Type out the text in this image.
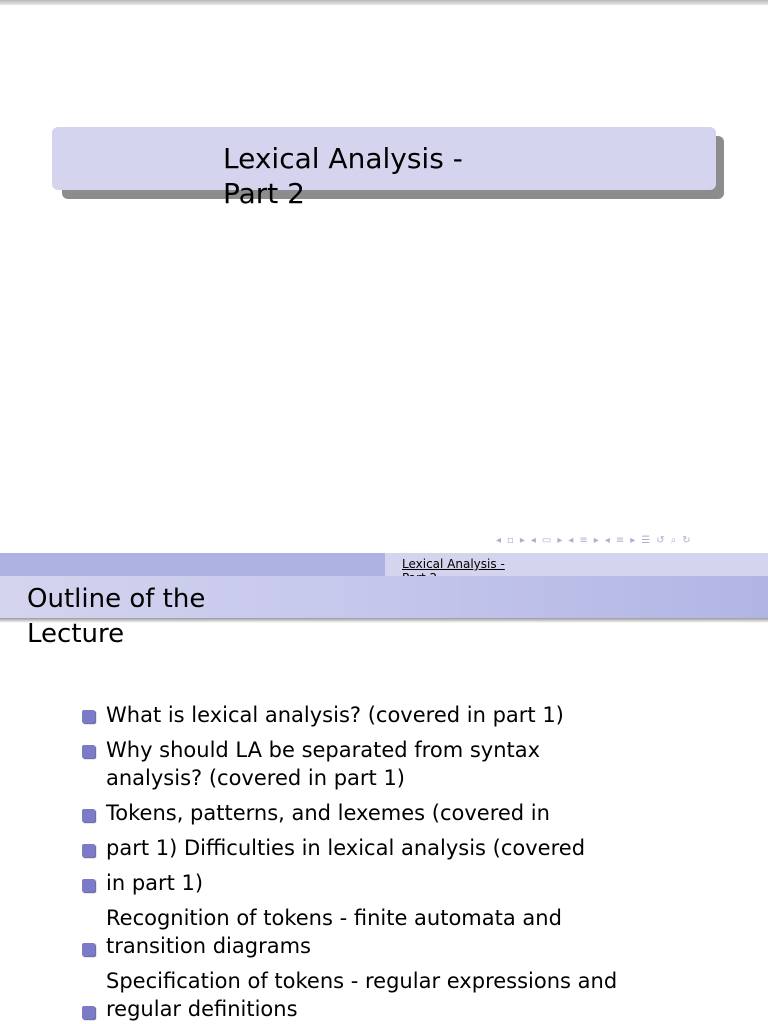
Lexical Analysis -
Part 2
◂ ▫ ▸ ◂ ▭ ▸ ◂ ≡ ▸ ◂ ≡ ▸ ☰ ↺ ⌕ ↻
Lexical Analysis -
Outline of the
Lecture
What is lexical analysis? (covered in part 1)
Why should LA be separated from syntax
analysis? (covered in part 1)
Tokens, patterns, and lexemes (covered in
part 1) Difficulties in lexical analysis (covered
in part 1)
Recognition of tokens - finite automata and
transition diagrams
Specification of tokens - regular expressions and
regular definitions
